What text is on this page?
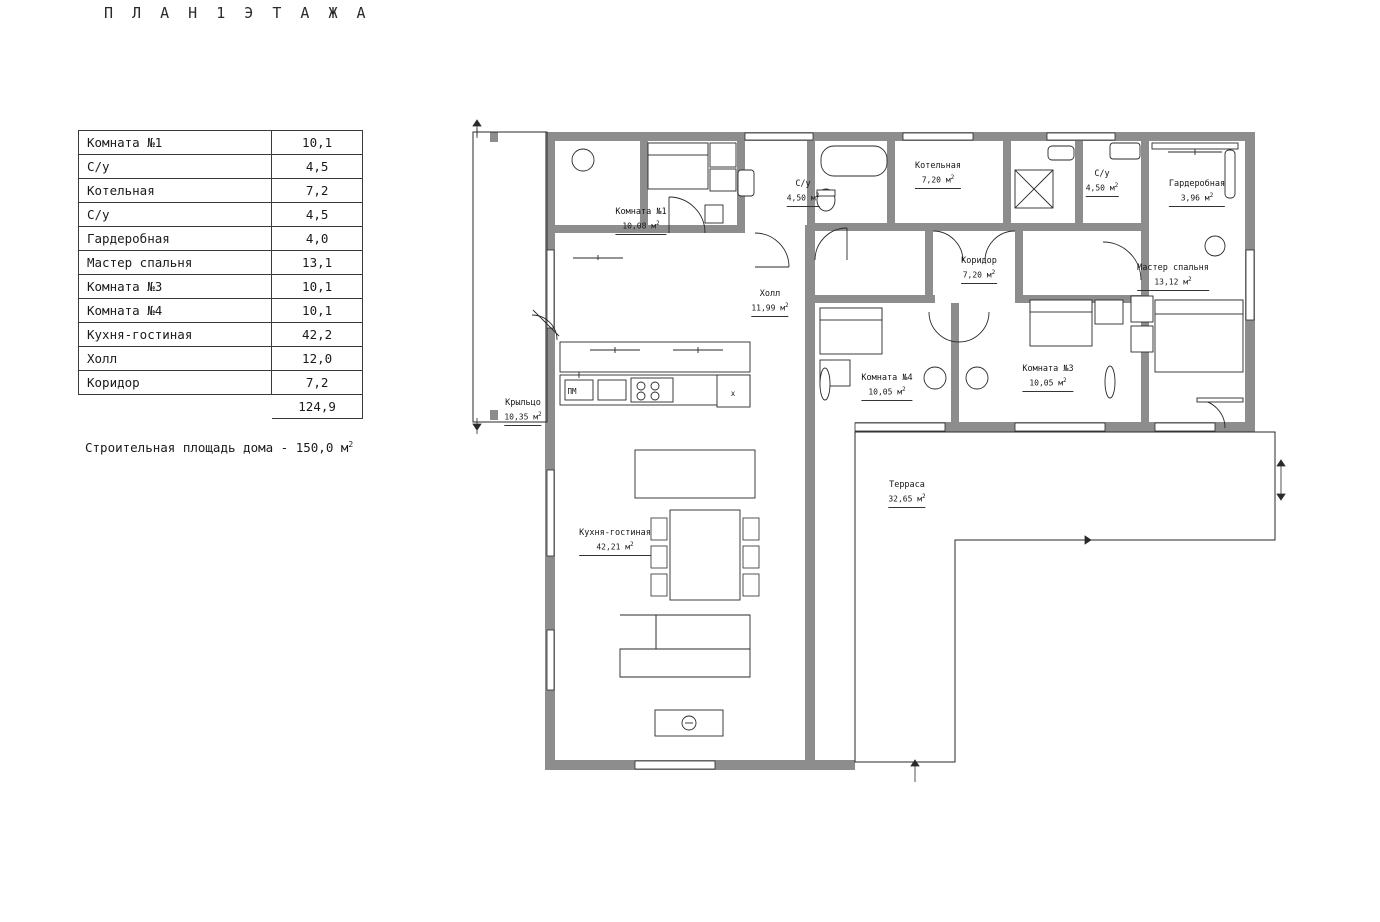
П Л А Н 1 Э Т А Ж А
Комната №1	10,1
С/у	4,5
Котельная	7,2
С/у	4,5
Гардеробная	4,0
Мастер спальня	13,1
Комната №3	10,1
Комната №4	10,1
Кухня-гостиная	42,2
Холл	12,0
Коридор	7,2
	124,9
Строительная площадь дома - 150,0 $м^2$
Комната №1
10,08 $м^2$
С/у
4,50 $м^2$
Котельная
7,20 $м^2$	С/у
4,50 $м^2$	Гардеробная
3,96 $м^2$
Мастер спальня
13,12 $м^2$
Коридор
7,20 $м^2$
Холл
11,99 $м^2$
Комната №4
10,05 $м^2$
Комната №3
10,05 $м^2$
Крыльцо
10,35 $м^2$
Кухня-гостиная
42,21 $м^2$
Терраса
32,65 $м^2$
ПМ	х
